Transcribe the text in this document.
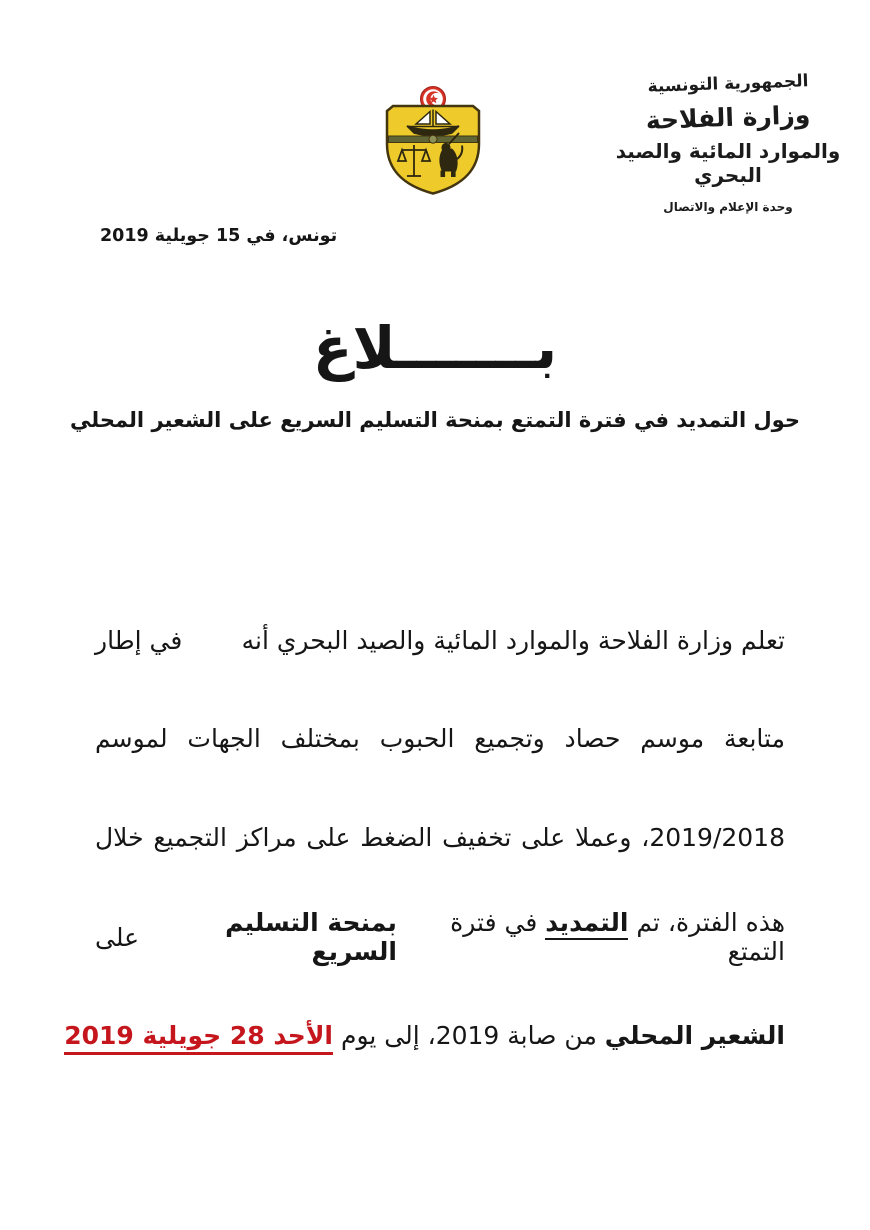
الجمهورية التونسية
وزارة الفلاحة
والموارد المائية والصيد البحري
وحدة الإعلام والاتصال
تونس، في 15 جويلية 2019
بـــــــلاغ
حول التمديد في فترة التمتع بمنحة التسليم السريع على الشعير المحلي

تعلم وزارة الفلاحة والموارد المائية والصيد البحري أنه
في إطار

متابعة موسم حصاد وتجميع الحبوب بمختلف الجهات لموسم

2019/2018، وعملا على تخفيف الضغط على مراكز التجميع خلال

هذه الفترة، تم التمديد في فترة التمتع
بمنحة التسليم السريع
على

الشعير المحلي من صابة 2019، إلى يوم الأحد 28 جويلية 2019
